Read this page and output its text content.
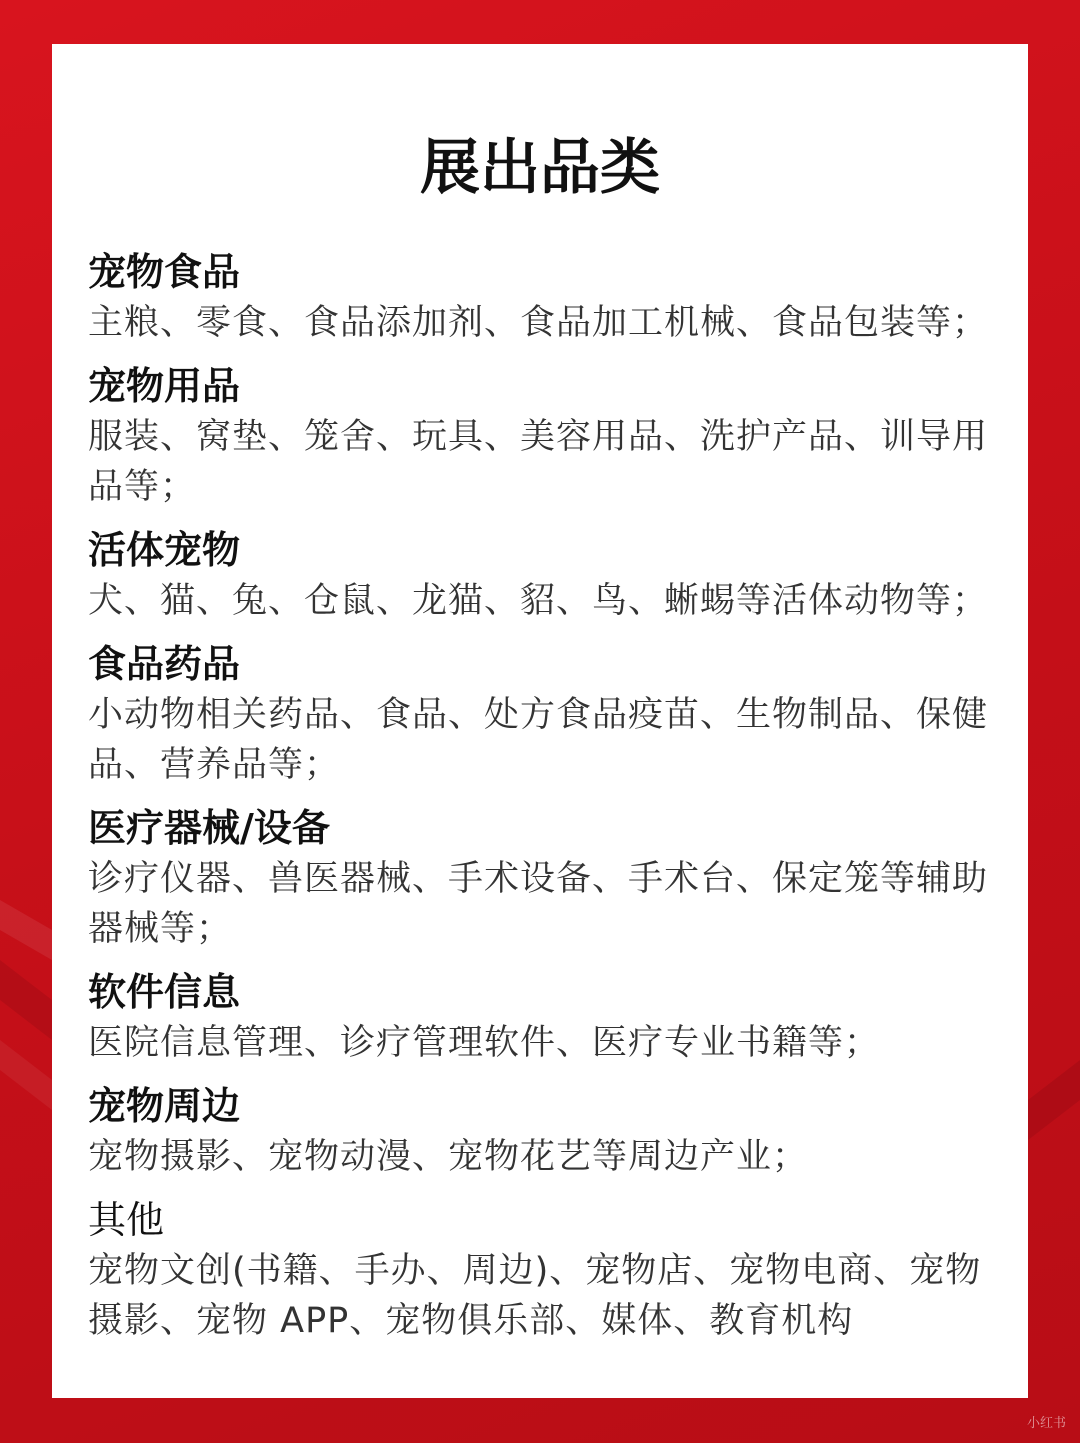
展出品类

宠物食品

主粮、零食、食品添加剂、食品加工机械、食品包装等；

宠物用品

服装、窝垫、笼舍、玩具、美容用品、洗护产品、训导用品等；

活体宠物

犬、猫、兔、仓鼠、龙猫、貂、鸟、蜥蜴等活体动物等；

食品药品

小动物相关药品、食品、处方食品疫苗、生物制品、保健品、营养品等；

医疗器械/设备

诊疗仪器、兽医器械、手术设备、手术台、保定笼等辅助器械等；

软件信息

医院信息管理、诊疗管理软件、医疗专业书籍等；

宠物周边

宠物摄影、宠物动漫、宠物花艺等周边产业；

其他

宠物文创(书籍、手办、周边)、宠物店、宠物电商、宠物摄影、宠物 APP、宠物俱乐部、媒体、教育机构

小红书
